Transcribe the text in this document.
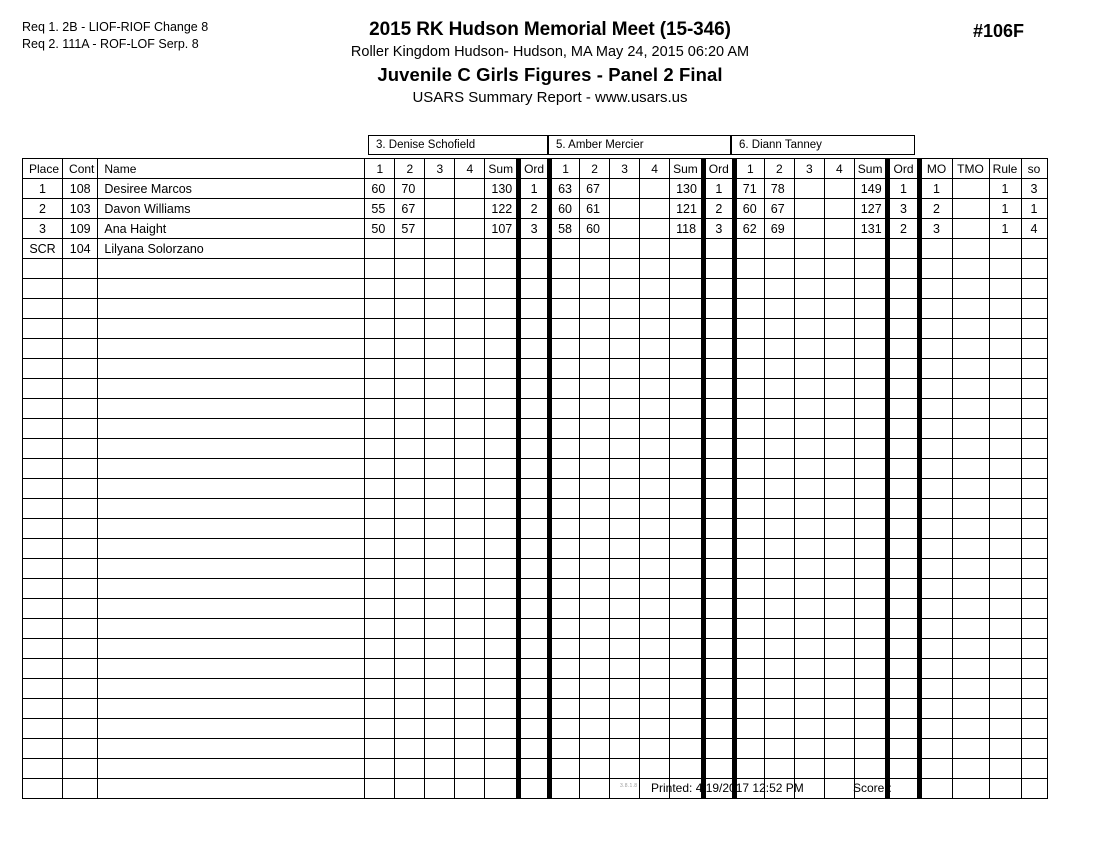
Req 1. 2B - LIOF-RIOF Change 8
Req 2. 111A - ROF-LOF Serp. 8
2015 RK Hudson Memorial Meet (15-346)
Roller Kingdom Hudson- Hudson, MA May 24, 2015 06:20 AM
Juvenile C Girls Figures - Panel 2 Final
USARS Summary Report - www.usars.us
#106F
3. Denise Schofield	5. Amber Mercier	6. Diann Tanney
Place	Cont	Name	1	2	3	4	Sum	Ord	1	2	3	4	Sum	Ord	1	2	3	4	Sum	Ord	MO	TMO	Rule	so
1	108	Desiree Marcos	60	70			130	1	63	67			130	1	71	78			149	1	1		1	3
2	103	Davon Williams	55	67			122	2	60	61			121	2	60	67			127	3	2		1	1
3	109	Ana Haight	50	57			107	3	58	60			118	3	62	69			131	2	3		1	4
SCR	104	Lilyana Solorzano																						

3.8.1.8 Printed: 4/19/2017 12:52 PM	Scorer:
